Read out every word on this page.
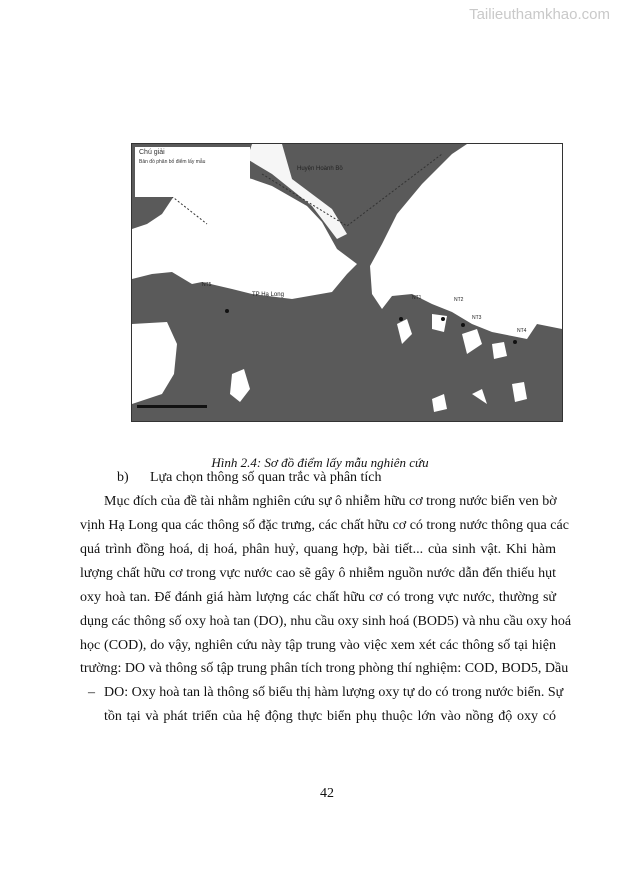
Tailieuthamkhao.com
Chú giải
Bản đồ phân bố điểm lấy mẫu
Huyện Hoành Bồ
TP Hạ Long
NT5
NT1	NT2
NT3
NT4
Hình 2.4: Sơ đồ điểm lấy mẫu nghiên cứu
b) Lựa chọn thông số quan trắc và phân tích
Mục đích của đề tài nhằm nghiên cứu sự ô nhiễm hữu cơ trong nước biển ven bờ
vịnh Hạ Long qua các thông số đặc trưng, các chất hữu cơ có trong nước thông qua các
quá trình đồng hoá, dị hoá, phân huỷ, quang hợp, bài tiết... của sinh vật. Khi hàm
lượng chất hữu cơ trong vực nước cao sẽ gây ô nhiễm nguồn nước dẫn đến thiếu hụt
oxy hoà tan. Để đánh giá hàm lượng các chất hữu cơ có trong vực nước, thường sử
dụng các thông số oxy hoà tan (DO), nhu cầu oxy sinh hoá (BOD5) và nhu cầu oxy hoá
học (COD), do vậy, nghiên cứu này tập trung vào việc xem xét các thông số tại hiện
trường: DO và thông số tập trung phân tích trong phòng thí nghiệm: COD, BOD5, Dầu
– DO: Oxy hoà tan là thông số biểu thị hàm lượng oxy tự do có trong nước biển. Sự
tồn tại và phát triển của hệ động thực biển phụ thuộc lớn vào nồng độ oxy có
42
